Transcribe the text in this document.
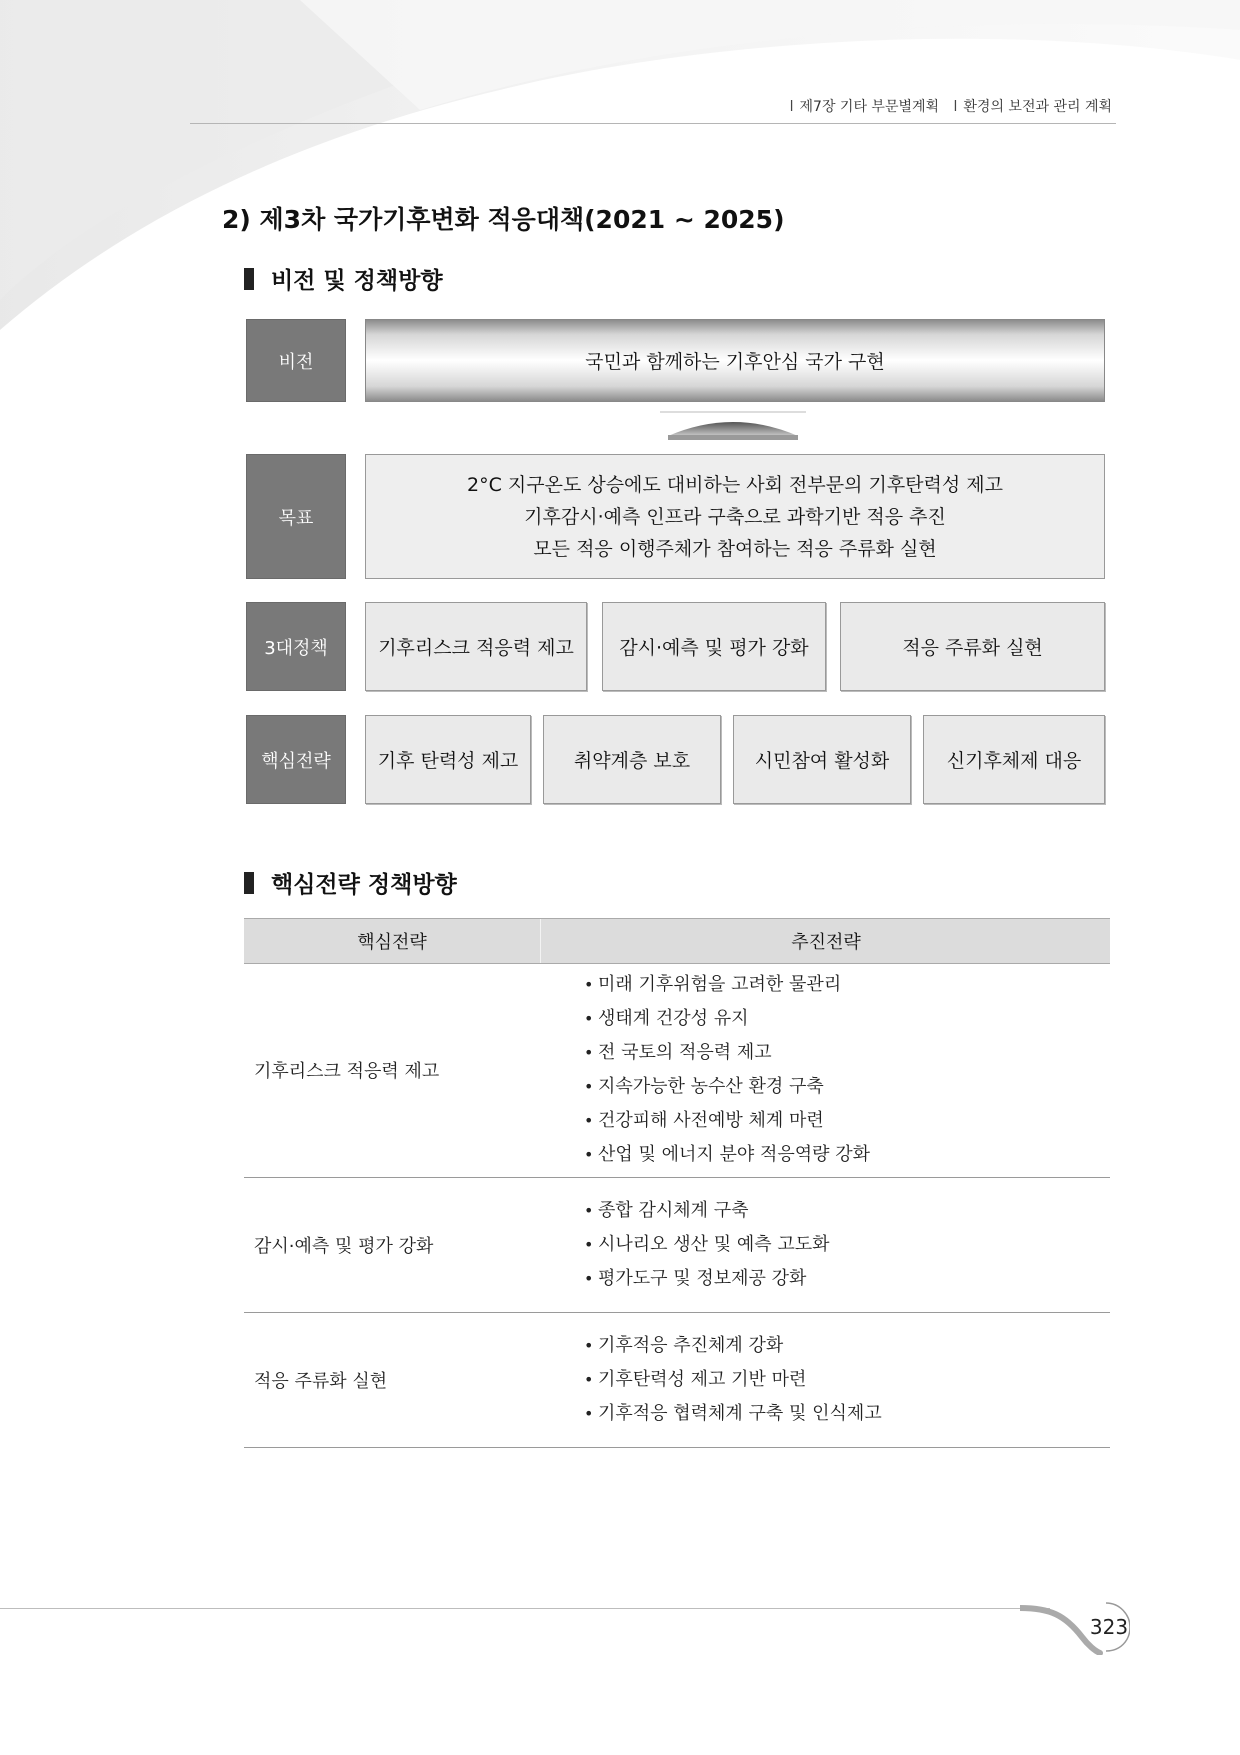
l 제7장 기타 부문별계획 l 환경의 보전과 관리 계획
2) 제3차 국가기후변화 적응대책(2021 ~ 2025)
비전 및 정책방향
비전	국민과 함께하는 기후안심 국가 구현
목표
2°C 지구온도 상승에도 대비하는 사회 전부문의 기후탄력성 제고
기후감시·예측 인프라 구축으로 과학기반 적응 추진
모든 적응 이행주체가 참여하는 적응 주류화 실현
3대정책	기후리스크 적응력 제고	감시·예측 및 평가 강화	적응 주류화 실현
핵심전략	기후 탄력성 제고	취약계층 보호	시민참여 활성화	신기후체제 대응
핵심전략 정책방향
핵심전략	추진전략
기후리스크 적응력 제고
• 미래 기후위험을 고려한 물관리
• 생태계 건강성 유지
• 전 국토의 적응력 제고
• 지속가능한 농수산 환경 구축
• 건강피해 사전예방 체계 마련
• 산업 및 에너지 분야 적응역량 강화
감시·예측 및 평가 강화
• 종합 감시체계 구축
• 시나리오 생산 및 예측 고도화
• 평가도구 및 정보제공 강화
적응 주류화 실현
• 기후적응 추진체계 강화
• 기후탄력성 제고 기반 마련
• 기후적응 협력체계 구축 및 인식제고
323
